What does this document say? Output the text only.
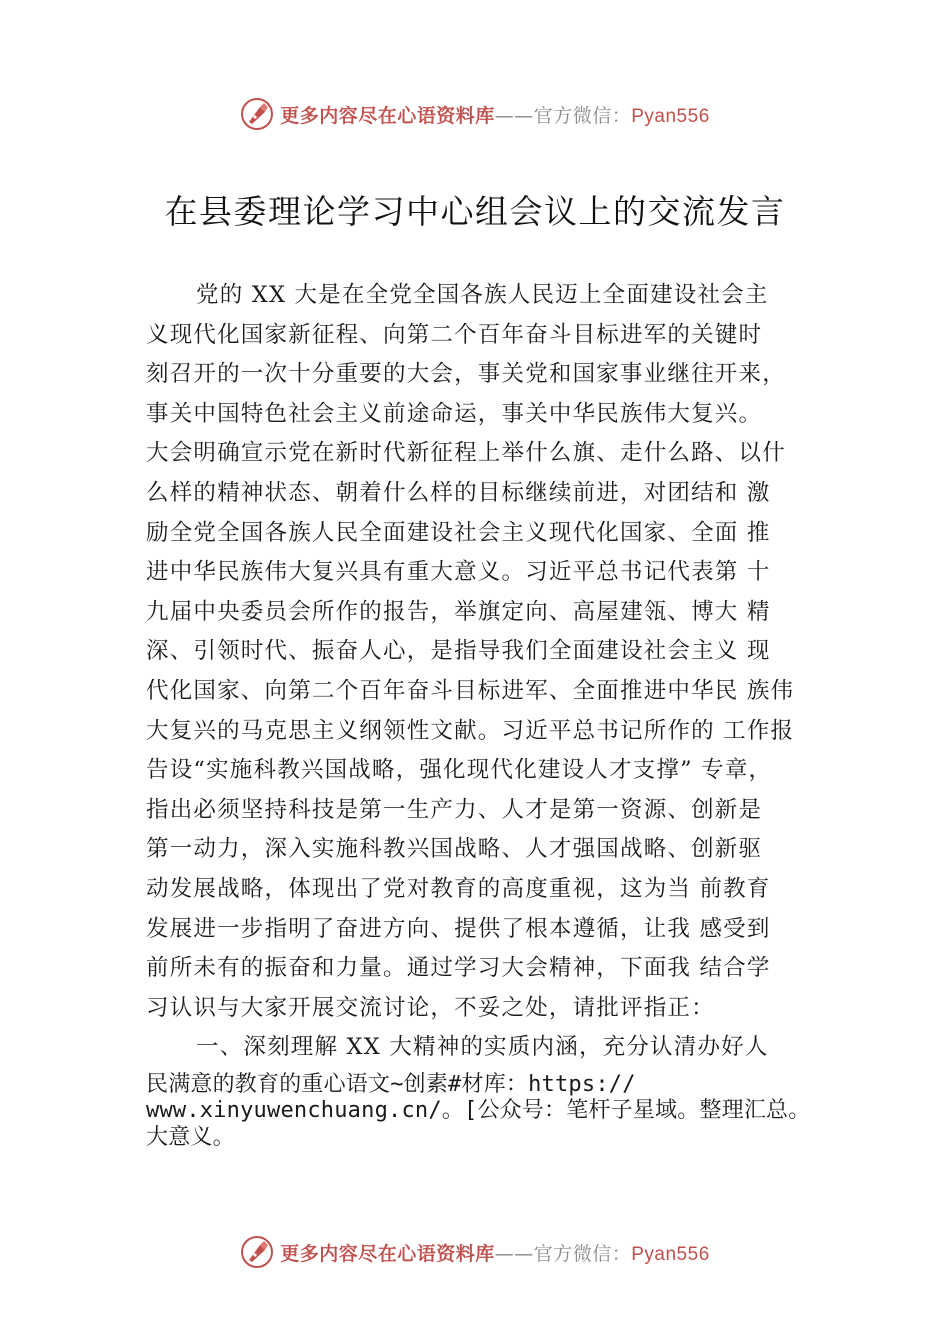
更多内容尽在心语资料库——官方微信：Pyan556
在县委理论学习中心组会议上的交流发言
党的 XX 大是在全党全国各族人民迈上全面建设社会主
义现代化国家新征程、向第二个百年奋斗目标进军的关键时
刻召开的一次十分重要的大会，事关党和国家事业继往开来，
事关中国特色社会主义前途命运，事关中华民族伟大复兴。
大会明确宣示党在新时代新征程上举什么旗、走什么路、以什
么样的精神状态、朝着什么样的目标继续前进，对团结和 激
励全党全国各族人民全面建设社会主义现代化国家、全面 推
进中华民族伟大复兴具有重大意义。习近平总书记代表第 十
九届中央委员会所作的报告，举旗定向、高屋建瓴、博大 精
深、引领时代、振奋人心，是指导我们全面建设社会主义 现
代化国家、向第二个百年奋斗目标进军、全面推进中华民 族伟
大复兴的马克思主义纲领性文献。习近平总书记所作的 工作报
告设“实施科教兴国战略，强化现代化建设人才支撑” 专章，
指出必须坚持科技是第一生产力、人才是第一资源、创新是
第一动力，深入实施科教兴国战略、人才强国战略、创新驱
动发展战略，体现出了党对教育的高度重视，这为当 前教育
发展进一步指明了奋进方向、提供了根本遵循，让我 感受到
前所未有的振奋和力量。通过学习大会精神，下面我 结合学
习认识与大家开展交流讨论，不妥之处，请批评指正：
一、深刻理解 XX 大精神的实质内涵，充分认清办好人
民满意的教育的重心语文~创素#材库：https://
www.xinyuwenchuang.cn/。[公众号：笔杆子星域。整理汇总。
大意义。
更多内容尽在心语资料库——官方微信：Pyan556
